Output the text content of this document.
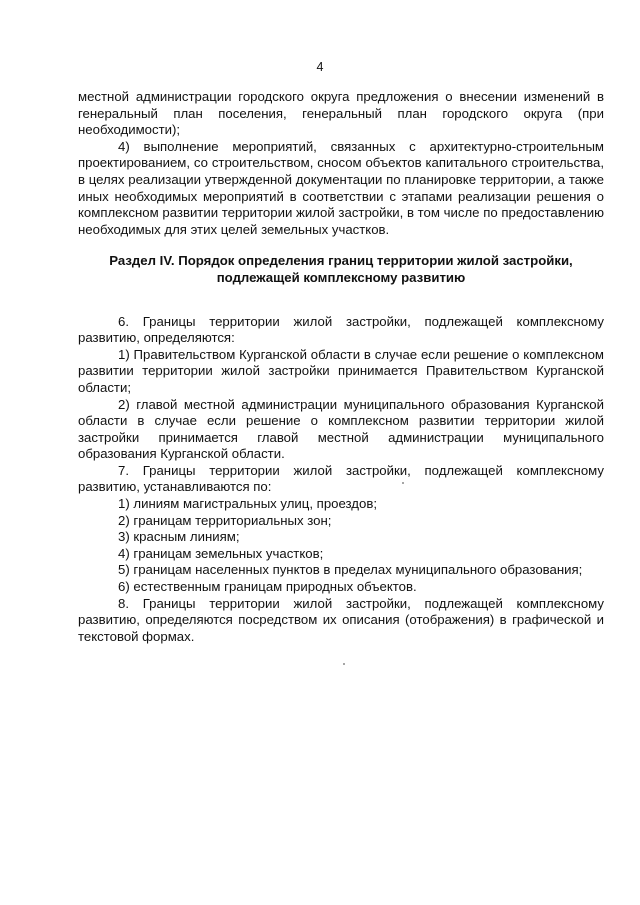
4

местной администрации городского округа предложения о внесении изменений в генеральный план поселения, генеральный план городского округа (при необходимости);

4) выполнение мероприятий, связанных с архитектурно-строительным проектированием, со строительством, сносом объектов капитального строительства, в целях реализации утвержденной документации по планировке территории, а также иных необходимых мероприятий в соответствии с этапами реализации решения о комплексном развитии территории жилой застройки, в том числе по предоставлению необходимых для этих целей земельных участков.

Раздел IV. Порядок определения границ территории жилой застройки, подлежащей комплексному развитию

6. Границы территории жилой застройки, подлежащей комплексному развитию, определяются:

1) Правительством Курганской области в случае если решение о комплексном развитии территории жилой застройки принимается Правительством Курганской области;

2) главой местной администрации муниципального образования Курганской области в случае если решение о комплексном развитии территории жилой застройки принимается главой местной администрации муниципального образования Курганской области.

7. Границы территории жилой застройки, подлежащей комплексному развитию, устанавливаются по:

1) линиям магистральных улиц, проездов;

2) границам территориальных зон;

3) красным линиям;

4) границам земельных участков;

5) границам населенных пунктов в пределах муниципального образования;

6) естественным границам природных объектов.

8. Границы территории жилой застройки, подлежащей комплексному развитию, определяются посредством их описания (отображения) в графической и текстовой формах.
